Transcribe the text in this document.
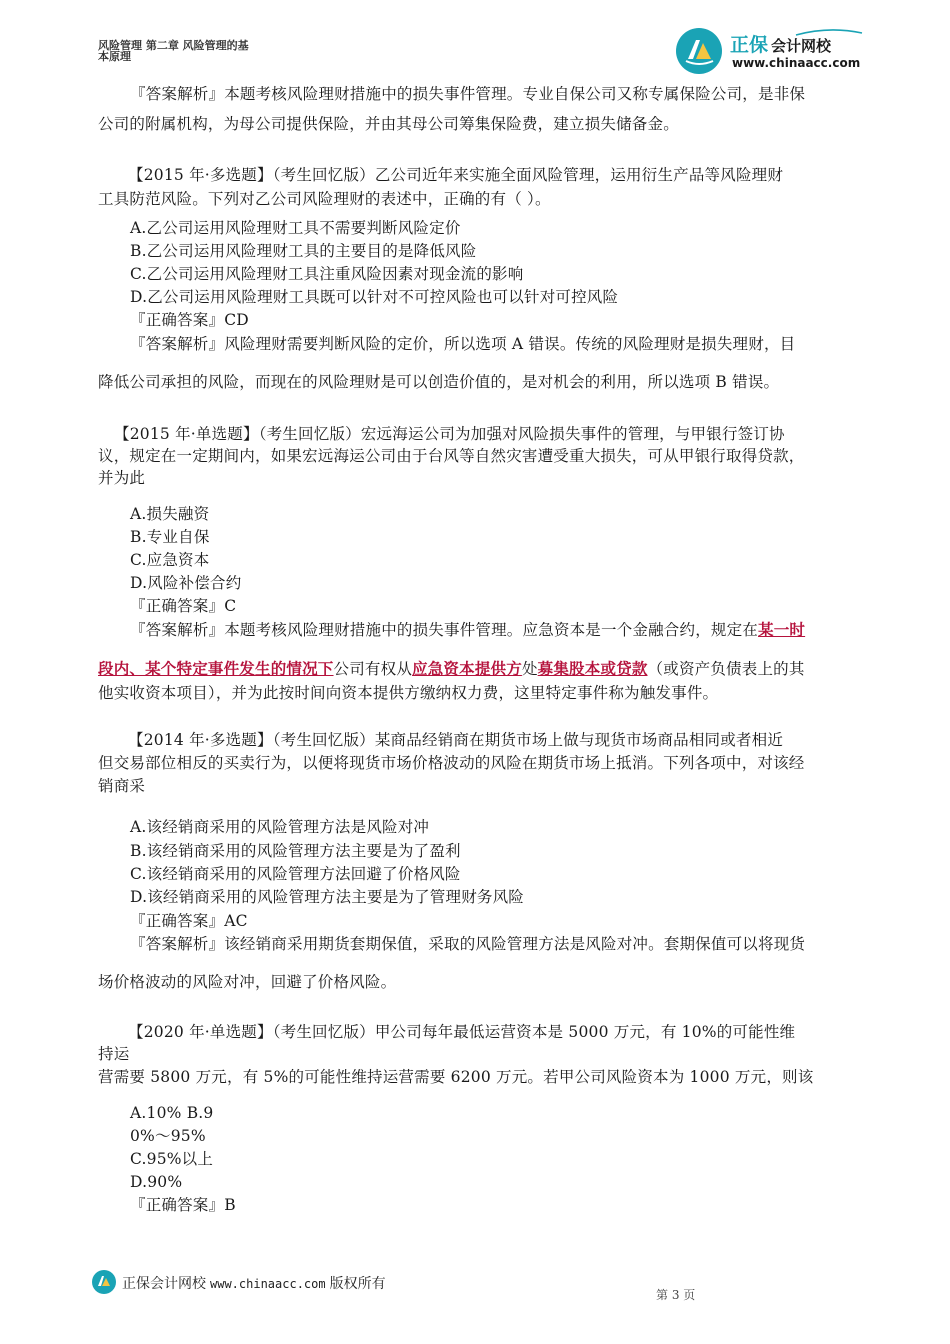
风险管理 第二章 风险管理的基本原理
正保 会计网校
www.chinaacc.com
『答案解析』本题考核风险理财措施中的损失事件管理。专业自保公司又称专属保险公司，是非保
公司的附属机构，为母公司提供保险，并由其母公司筹集保险费，建立损失储备金。
【2015 年·多选题】（考生回忆版）乙公司近年来实施全面风险管理，运用衍生产品等风险理财
工具防范风险。下列对乙公司风险理财的表述中，正确的有（ ）。
A.乙公司运用风险理财工具不需要判断风险定价
B.乙公司运用风险理财工具的主要目的是降低风险
C.乙公司运用风险理财工具注重风险因素对现金流的影响
D.乙公司运用风险理财工具既可以针对不可控风险也可以针对可控风险
『正确答案』CD
『答案解析』风险理财需要判断风险的定价，所以选项 A 错误。传统的风险理财是损失理财，目
降低公司承担的风险，而现在的风险理财是可以创造价值的，是对机会的利用，所以选项 B 错误。
【2015 年·单选题】（考生回忆版）宏远海运公司为加强对风险损失事件的管理，与甲银行签订协
议，规定在一定期间内，如果宏远海运公司由于台风等自然灾害遭受重大损失，可从甲银行取得贷款，
并为此
A.损失融资
B.专业自保
C.应急资本
D.风险补偿合约
『正确答案』C
『答案解析』本题考核风险理财措施中的损失事件管理。应急资本是一个金融合约，规定在某一时
段内、某个特定事件发生的情况下公司有权从应急资本提供方处募集股本或贷款（或资产负债表上的其
他实收资本项目），并为此按时间向资本提供方缴纳权力费，这里特定事件称为触发事件。
【2014 年·多选题】（考生回忆版）某商品经销商在期货市场上做与现货市场商品相同或者相近
但交易部位相反的买卖行为，以便将现货市场价格波动的风险在期货市场上抵消。下列各项中，对该经
销商采
A.该经销商采用的风险管理方法是风险对冲
B.该经销商采用的风险管理方法主要是为了盈利
C.该经销商采用的风险管理方法回避了价格风险
D.该经销商采用的风险管理方法主要是为了管理财务风险
『正确答案』AC
『答案解析』该经销商采用期货套期保值，采取的风险管理方法是风险对冲。套期保值可以将现货
场价格波动的风险对冲，回避了价格风险。
【2020 年·单选题】（考生回忆版）甲公司每年最低运营资本是 5000 万元，有 10%的可能性维
持运
营需要 5800 万元，有 5%的可能性维持运营需要 6200 万元。若甲公司风险资本为 1000 万元，则该
A.10% B.9
0%～95%
C.95%以上
D.90%
『正确答案』B
正保会计网校 www.chinaacc.com 版权所有
第 3 页
